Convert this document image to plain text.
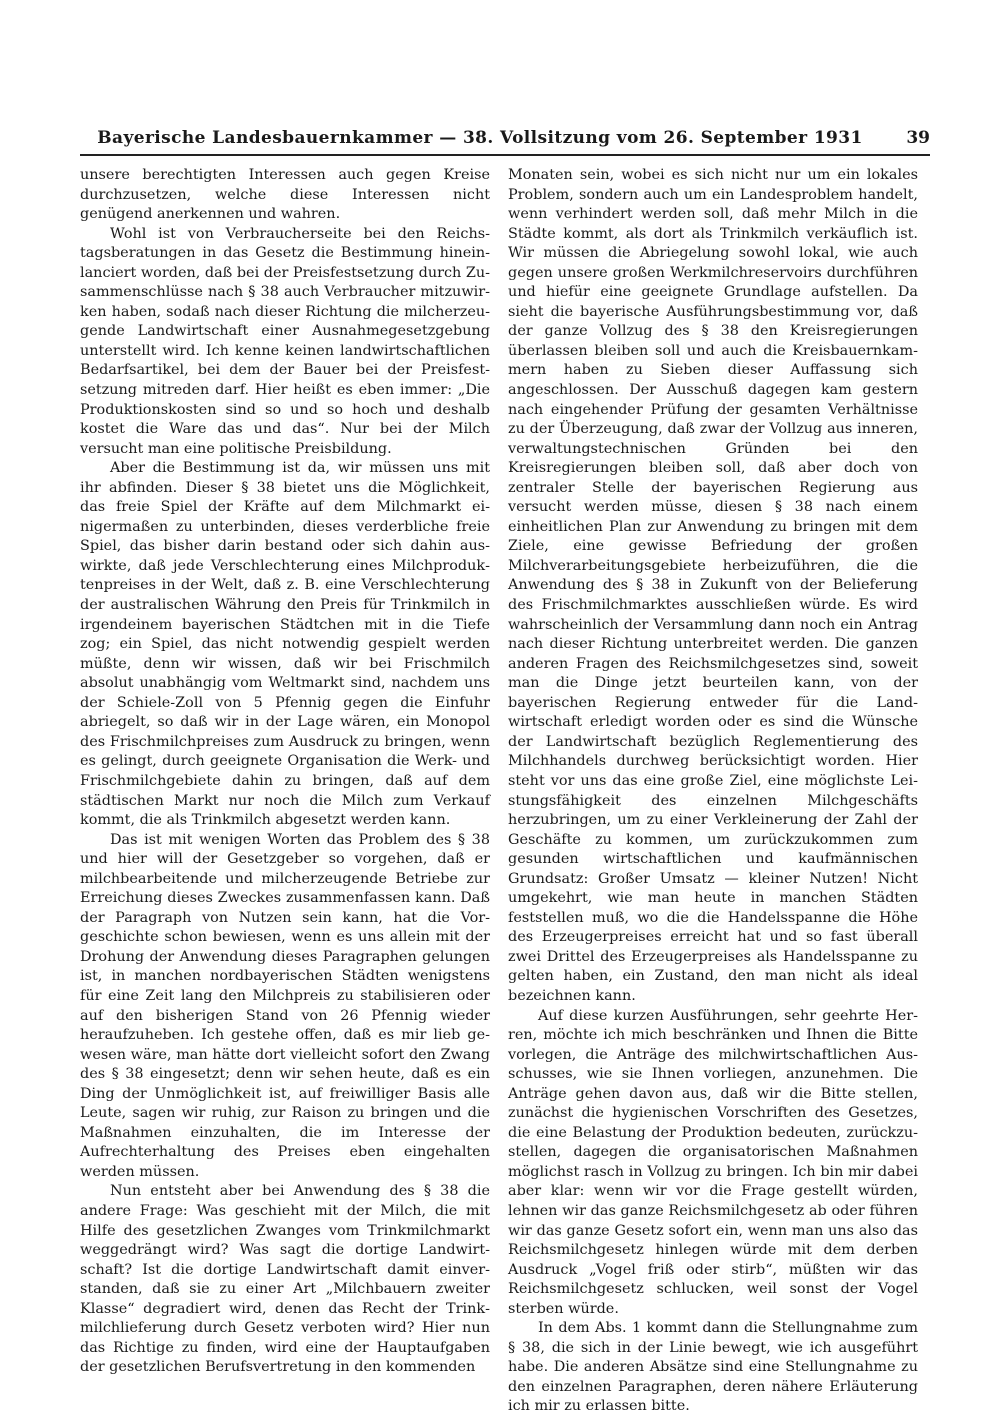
Bayerische Landesbauernkammer — 38. Vollsitzung vom 26. September 1931	39

unsere berechtigten Interessen auch gegen Kreise durchzusetzen, welche diese Interessen nicht genügend anerkennen und wahren.

Wohl ist von Verbraucherseite bei den Reichstagsberatungen in das Gesetz die Bestimmung hineinlanciert worden, daß bei der Preisfestsetzung durch Zusammenschlüsse nach § 38 auch Verbraucher mitzuwirken haben, sodaß nach dieser Richtung die milcherzeugende Landwirtschaft einer Ausnahmegesetzgebung unterstellt wird. Ich kenne keinen landwirtschaftlichen Bedarfsartikel, bei dem der Bauer bei der Preisfestsetzung mitreden darf. Hier heißt es eben immer: „Die Produktionskosten sind so und so hoch und deshalb kostet die Ware das und das“. Nur bei der Milch versucht man eine politische Preisbildung.

Aber die Bestimmung ist da, wir müssen uns mit ihr abfinden. Dieser § 38 bietet uns die Möglichkeit, das freie Spiel der Kräfte auf dem Milchmarkt einigermaßen zu unterbinden, dieses verderbliche freie Spiel, das bisher darin bestand oder sich dahin auswirkte, daß jede Verschlechterung eines Milchproduktenpreises in der Welt, daß z. B. eine Verschlechterung der australischen Währung den Preis für Trinkmilch in irgendeinem bayerischen Städtchen mit in die Tiefe zog; ein Spiel, das nicht notwendig gespielt werden müßte, denn wir wissen, daß wir bei Frischmilch absolut unabhängig vom Weltmarkt sind, nachdem uns der Schiele-Zoll von 5 Pfennig gegen die Einfuhr abriegelt, so daß wir in der Lage wären, ein Monopol des Frischmilchpreises zum Ausdruck zu bringen, wenn es gelingt, durch geeignete Organisation die Werk- und Frischmilchgebiete dahin zu bringen, daß auf dem städtischen Markt nur noch die Milch zum Verkauf kommt, die als Trinkmilch abgesetzt werden kann.

Das ist mit wenigen Worten das Problem des § 38 und hier will der Gesetzgeber so vorgehen, daß er milchbearbeitende und milcherzeugende Betriebe zur Erreichung dieses Zweckes zusammenfassen kann. Daß der Paragraph von Nutzen sein kann, hat die Vorgeschichte schon bewiesen, wenn es uns allein mit der Drohung der Anwendung dieses Paragraphen gelungen ist, in manchen nordbayerischen Städten wenigstens für eine Zeit lang den Milchpreis zu stabilisieren oder auf den bisherigen Stand von 26 Pfennig wieder heraufzuheben. Ich gestehe offen, daß es mir lieb gewesen wäre, man hätte dort vielleicht sofort den Zwang des § 38 eingesetzt; denn wir sehen heute, daß es ein Ding der Unmöglichkeit ist, auf freiwilliger Basis alle Leute, sagen wir ruhig, zur Raison zu bringen und die Maßnahmen einzuhalten, die im Interesse der Aufrechterhaltung des Preises eben eingehalten werden müssen.

Nun entsteht aber bei Anwendung des § 38 die andere Frage: Was geschieht mit der Milch, die mit Hilfe des gesetzlichen Zwanges vom Trinkmilchmarkt weggedrängt wird? Was sagt die dortige Landwirtschaft? Ist die dortige Landwirtschaft damit einverstanden, daß sie zu einer Art „Milchbauern zweiter Klasse“ degradiert wird, denen das Recht der Trinkmilchlieferung durch Gesetz verboten wird? Hier nun das Richtige zu finden, wird eine der Hauptaufgaben der gesetzlichen Berufsvertretung in den kommenden

Monaten sein, wobei es sich nicht nur um ein lokales Problem, sondern auch um ein Landesproblem handelt, wenn verhindert werden soll, daß mehr Milch in die Städte kommt, als dort als Trinkmilch verkäuflich ist. Wir müssen die Abriegelung sowohl lokal, wie auch gegen unsere großen Werkmilchreservoirs durchführen und hiefür eine geeignete Grundlage aufstellen. Da sieht die bayerische Ausführungsbestimmung vor, daß der ganze Vollzug des § 38 den Kreisregierungen überlassen bleiben soll und auch die Kreisbauernkammern haben zu Sieben dieser Auffassung sich angeschlossen. Der Ausschuß dagegen kam gestern nach eingehender Prüfung der gesamten Verhältnisse zu der Überzeugung, daß zwar der Vollzug aus inneren, verwaltungstechnischen Gründen bei den Kreisregierungen bleiben soll, daß aber doch von zentraler Stelle der bayerischen Regierung aus versucht werden müsse, diesen § 38 nach einem einheitlichen Plan zur Anwendung zu bringen mit dem Ziele, eine gewisse Befriedung der großen Milchverarbeitungsgebiete herbeizuführen, die die Anwendung des § 38 in Zukunft von der Belieferung des Frischmilchmarktes ausschließen würde. Es wird wahrscheinlich der Versammlung dann noch ein Antrag nach dieser Richtung unterbreitet werden. Die ganzen anderen Fragen des Reichsmilchgesetzes sind, soweit man die Dinge jetzt beurteilen kann, von der bayerischen Regierung entweder für die Landwirtschaft erledigt worden oder es sind die Wünsche der Landwirtschaft bezüglich Reglementierung des Milchhandels durchweg berücksichtigt worden. Hier steht vor uns das eine große Ziel, eine möglichste Leistungsfähigkeit des einzelnen Milchgeschäfts herzubringen, um zu einer Verkleinerung der Zahl der Geschäfte zu kommen, um zurückzukommen zum gesunden wirtschaftlichen und kaufmännischen Grundsatz: Großer Umsatz — kleiner Nutzen! Nicht umgekehrt, wie man heute in manchen Städten feststellen muß, wo die die Handelsspanne die Höhe des Erzeugerpreises erreicht hat und so fast überall zwei Drittel des Erzeugerpreises als Handelsspanne zu gelten haben, ein Zustand, den man nicht als ideal bezeichnen kann.

Auf diese kurzen Ausführungen, sehr geehrte Herren, möchte ich mich beschränken und Ihnen die Bitte vorlegen, die Anträge des milchwirtschaftlichen Ausschusses, wie sie Ihnen vorliegen, anzunehmen. Die Anträge gehen davon aus, daß wir die Bitte stellen, zunächst die hygienischen Vorschriften des Gesetzes, die eine Belastung der Produktion bedeuten, zurückzustellen, dagegen die organisatorischen Maßnahmen möglichst rasch in Vollzug zu bringen. Ich bin mir dabei aber klar: wenn wir vor die Frage gestellt würden, lehnen wir das ganze Reichsmilchgesetz ab oder führen wir das ganze Gesetz sofort ein, wenn man uns also das Reichsmilchgesetz hinlegen würde mit dem derben Ausdruck „Vogel friß oder stirb“, müßten wir das Reichsmilchgesetz schlucken, weil sonst der Vogel sterben würde.

In dem Abs. 1 kommt dann die Stellungnahme zum § 38, die sich in der Linie bewegt, wie ich ausgeführt habe. Die anderen Absätze sind eine Stellungnahme zu den einzelnen Paragraphen, deren nähere Erläuterung ich mir zu erlassen bitte.
